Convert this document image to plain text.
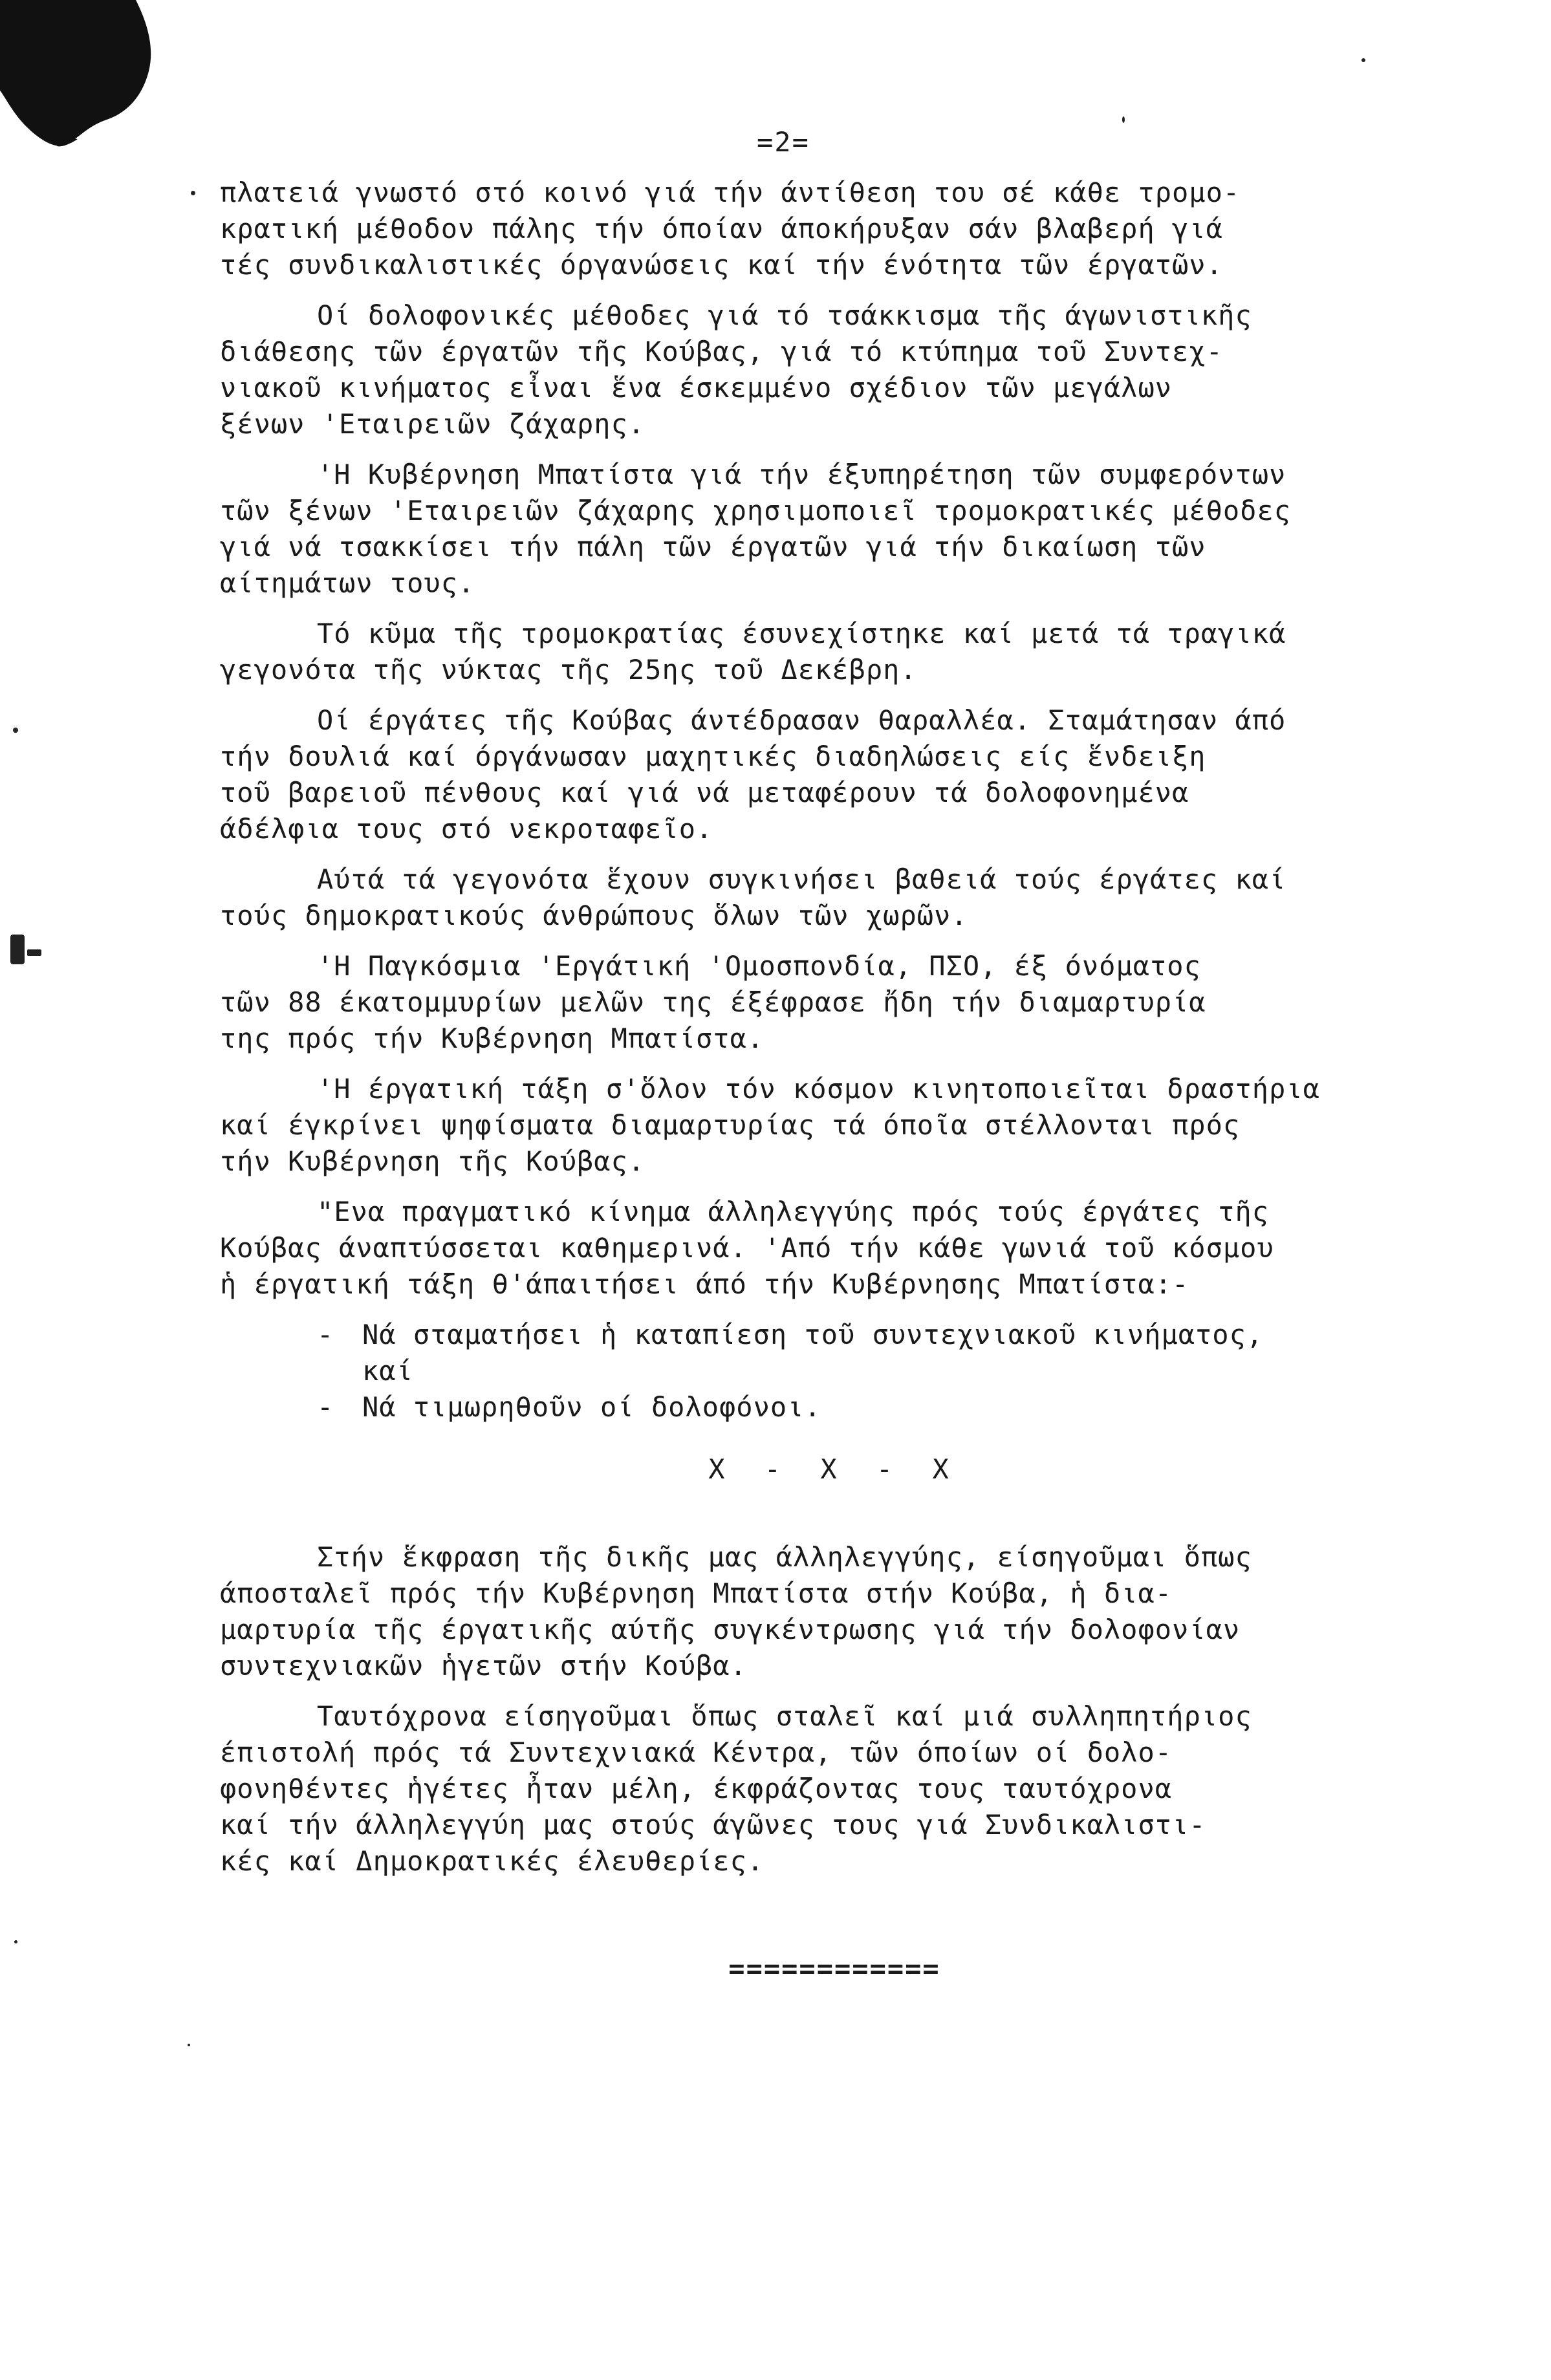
=2=

πλατειά γνωστό στό κοινό γιά τήν άντίθεση του σέ κάθε τρομο-
κρατική μέθοδον πάλης τήν όποίαν άποκήρυξαν σάν βλαβερή γιά
τές συνδικαλιστικές όργανώσεις καί τήν ένότητα τῶν έργατῶν.

Οί δολοφονικές μέθοδες γιά τό τσάκκισμα τῆς άγωνιστικῆς
διάθεσης τῶν έργατῶν τῆς Κούβας, γιά τό κτύπημα τοῦ Συντεχ-
νιακοῦ κινήματος εἶναι ἕνα έσκεμμένο σχέδιον τῶν μεγάλων
ξένων 'Εταιρειῶν ζάχαρης.

'Η Κυβέρνηση Μπατίστα γιά τήν έξυπηρέτηση τῶν συμφερόντων
τῶν ξένων 'Εταιρειῶν ζάχαρης χρησιμοποιεῖ τρομοκρατικές μέθοδες
γιά νά τσακκίσει τήν πάλη τῶν έργατῶν γιά τήν δικαίωση τῶν
αίτημάτων τους.

Τό κῦμα τῆς τρομοκρατίας έσυνεχίστηκε καί μετά τά τραγικά
γεγονότα τῆς νύκτας τῆς 25ης τοῦ Δεκέβρη.

Οί έργάτες τῆς Κούβας άντέδρασαν θαραλλέα. Σταμάτησαν άπό
τήν δουλιά καί όργάνωσαν μαχητικές διαδηλώσεις είς ἕνδειξη
τοῦ βαρειοῦ πένθους καί γιά νά μεταφέρουν τά δολοφονημένα
άδέλφια τους στό νεκροταφεῖο.

Αύτά τά γεγονότα ἕχουν συγκινήσει βαθειά τούς έργάτες καί
τούς δημοκρατικούς άνθρώπους ὅλων τῶν χωρῶν.

'Η Παγκόσμια 'Εργάτική 'Ομοσπονδία, ΠΣΟ, έξ όνόματος
τῶν 88 έκατομμυρίων μελῶν της έξέφρασε ἤδη τήν διαμαρτυρία
της πρός τήν Κυβέρνηση Μπατίστα.

'Η έργατική τάξη σ'ὅλον τόν κόσμον κινητοποιεῖται δραστήρια
καί έγκρίνει ψηφίσματα διαμαρτυρίας τά όποῖα στέλλονται πρός
τήν Κυβέρνηση τῆς Κούβας.

"Ενα πραγματικό κίνημα άλληλεγγύης πρός τούς έργάτες τῆς
Κούβας άναπτύσσεται καθημερινά. 'Από τήν κάθε γωνιά τοῦ κόσμου
ἡ έργατική τάξη θ'άπαιτήσει άπό τήν Κυβέρνησης Μπατίστα:-

- Νά σταματήσει ἡ καταπίεση τοῦ συντεχνιακοῦ κινήματος,
καί
- Νά τιμωρηθοῦν οί δολοφόνοι.

Χ - Χ - Χ

Στήν ἕκφραση τῆς δικῆς μας άλληλεγγύης, είσηγοῦμαι ὅπως
άποσταλεῖ πρός τήν Κυβέρνηση Μπατίστα στήν Κούβα, ἡ δια-
μαρτυρία τῆς έργατικῆς αύτῆς συγκέντρωσης γιά τήν δολοφονίαν
συντεχνιακῶν ἡγετῶν στήν Κούβα.

Ταυτόχρονα είσηγοῦμαι ὅπως σταλεῖ καί μιά συλληπητήριος
έπιστολή πρός τά Συντεχνιακά Κέντρα, τῶν όποίων οί δολο-
φονηθέντες ἡγέτες ἦταν μέλη, έκφράζοντας τους ταυτόχρονα
καί τήν άλληλεγγύη μας στούς άγῶνες τους γιά Συνδικαλιστι-
κές καί Δημοκρατικές έλευθερίες.

============
